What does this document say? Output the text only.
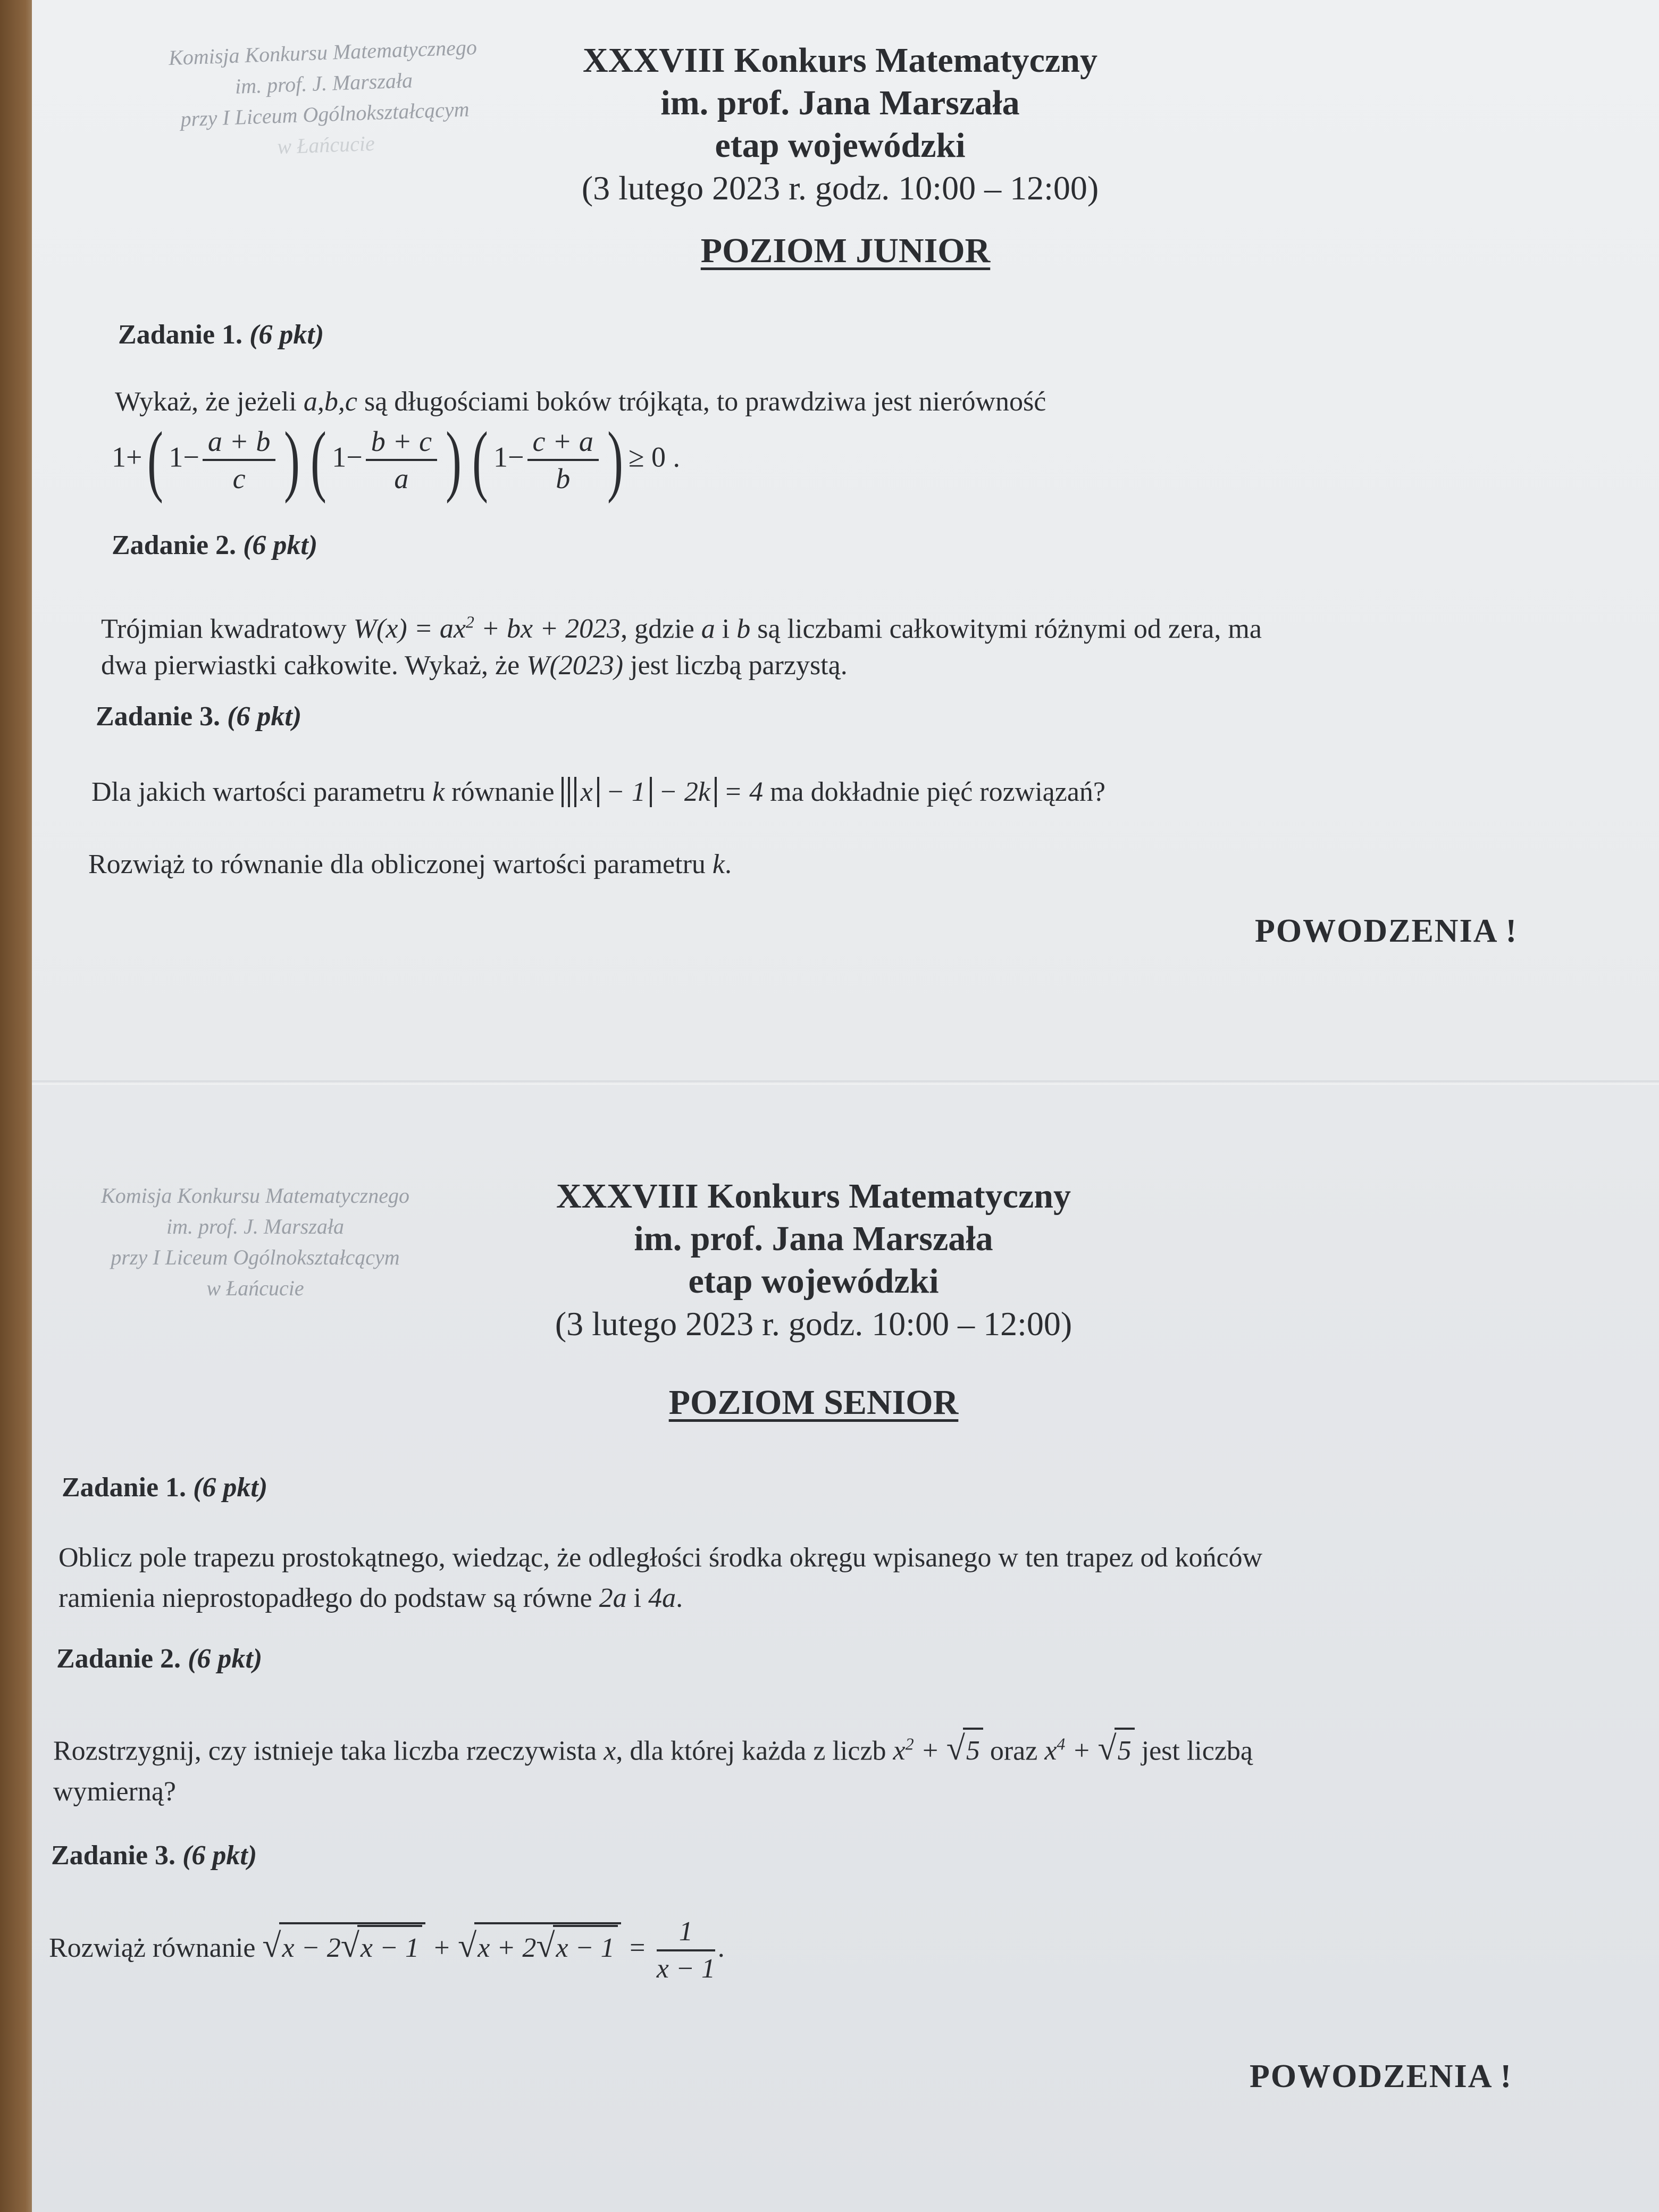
Komisja Konkursu Matematycznego
im. prof. J. Marszała
przy I Liceum Ogólnokształcącym
w Łańcucie
XXXVIII Konkurs Matematyczny
im. prof. Jana Marszała
etap wojewódzki
(3 lutego 2023 r. godz. 10:00 – 12:00)
POZIOM JUNIOR
Zadanie 1. (6 pkt)
Wykaż, że jeżeli a,b,c są długościami boków trójkąta, to prawdziwa jest nierówność
1+( $1- \frac{a + b}{c}$ ) ( $1- \frac{b + c}{a}$ ) ( $1- \frac{c + a}{b}$ ) ≥ 0 .
Zadanie 2. (6 pkt)
Trójmian kwadratowy $W(x) = ax^2$ + bx + 2023, gdzie a i b są liczbami całkowitymi różnymi od zera, ma
dwa pierwiastki całkowite. Wykaż, że W(2023) jest liczbą parzystą.
Zadanie 3. (6 pkt)
Dla jakich wartości parametru k równanie x − 1 − 2k = 4 ma dokładnie pięć rozwiązań?
Rozwiąż to równanie dla obliczonej wartości parametru k.
POWODZENIA !
Komisja Konkursu Matematycznego
im. prof. J. Marszała
przy I Liceum Ogólnokształcącym
w Łańcucie
XXXVIII Konkurs Matematyczny
im. prof. Jana Marszała
etap wojewódzki
(3 lutego 2023 r. godz. 10:00 – 12:00)
POZIOM SENIOR
Zadanie 1. (6 pkt)
Oblicz pole trapezu prostokątnego, wiedząc, że odległości środka okręgu wpisanego w ten trapez od końców
ramienia nieprostopadłego do podstaw są równe 2a i 4a.
Zadanie 2. (6 pkt)
Rozstrzygnij, czy istnieje taka liczba rzeczywista x, dla której każda z liczb $x^2 + √5$ oraz $x^4 + √5$ jest liczbą
wymierną?
Zadanie 3. (6 pkt)
Rozwiąż równanie $√x - 2√x - 1 + √x + 2√x - 1 = \frac{1}{x - 1}$ .
POWODZENIA !
